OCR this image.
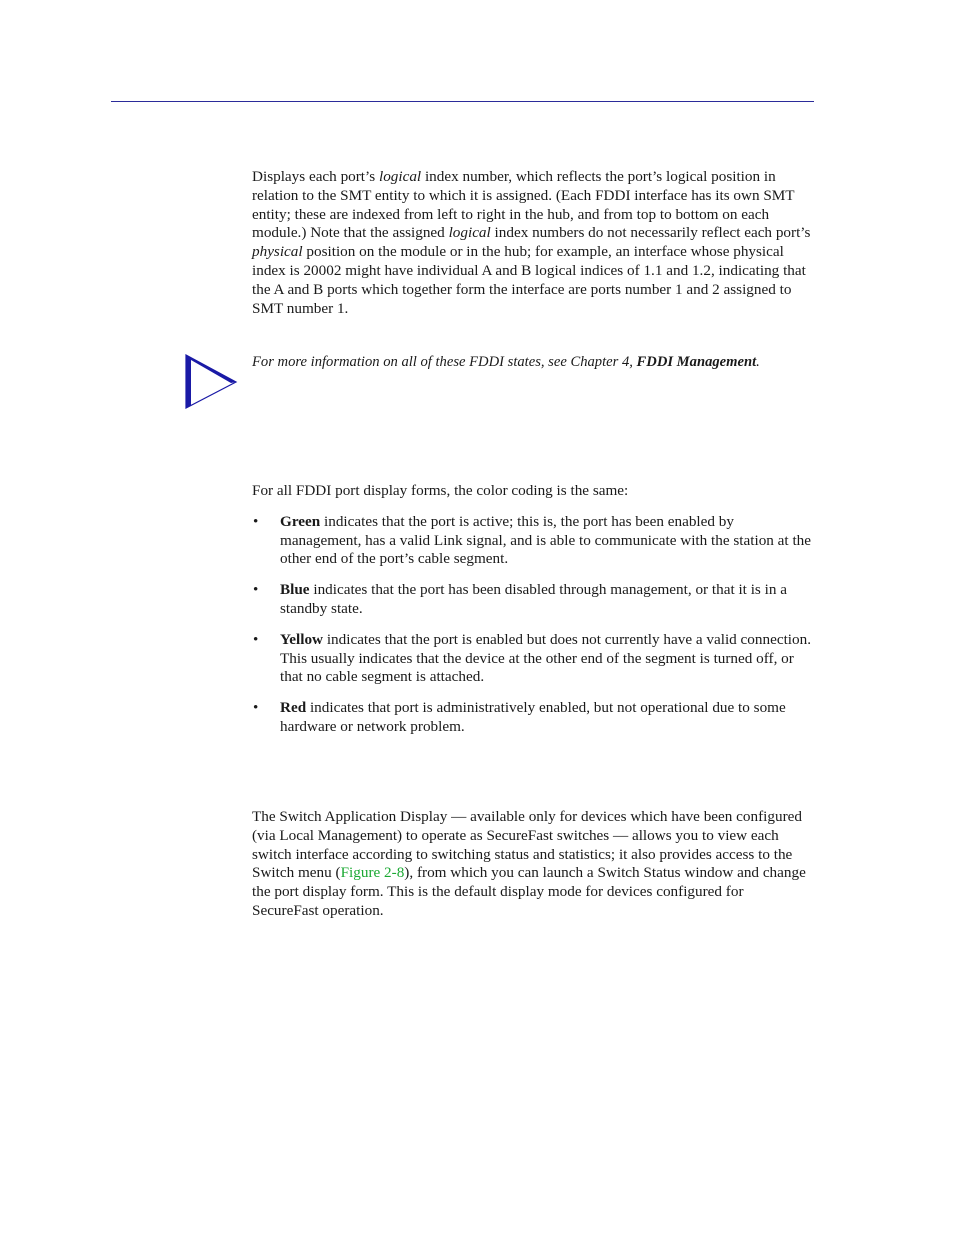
Displays each port’s logical index number, which reflects the port’s logical position in relation to the SMT entity to which it is assigned. (Each FDDI interface has its own SMT entity; these are indexed from left to right in the hub, and from top to bottom on each module.) Note that the assigned logical index numbers do not necessarily reflect each port’s physical position on the module or in the hub; for example, an interface whose physical index is 20002 might have individual A and B logical indices of 1.1 and 1.2, indicating that the A and B ports which together form the interface are ports number 1 and 2 assigned to SMT number 1.

For more information on all of these FDDI states, see Chapter 4, FDDI Management.

For all FDDI port display forms, the color coding is the same:

• Green indicates that the port is active; this is, the port has been enabled by management, has a valid Link signal, and is able to communicate with the station at the other end of the port’s cable segment.
• Blue indicates that the port has been disabled through management, or that it is in a standby state.
• Yellow indicates that the port is enabled but does not currently have a valid connection. This usually indicates that the device at the other end of the segment is turned off, or that no cable segment is attached.
• Red indicates that port is administratively enabled, but not operational due to some hardware or network problem.

The Switch Application Display — available only for devices which have been configured (via Local Management) to operate as SecureFast switches — allows you to view each switch interface according to switching status and statistics; it also provides access to the Switch menu (Figure 2-8), from which you can launch a Switch Status window and change the port display form. This is the default display mode for devices configured for SecureFast operation.
